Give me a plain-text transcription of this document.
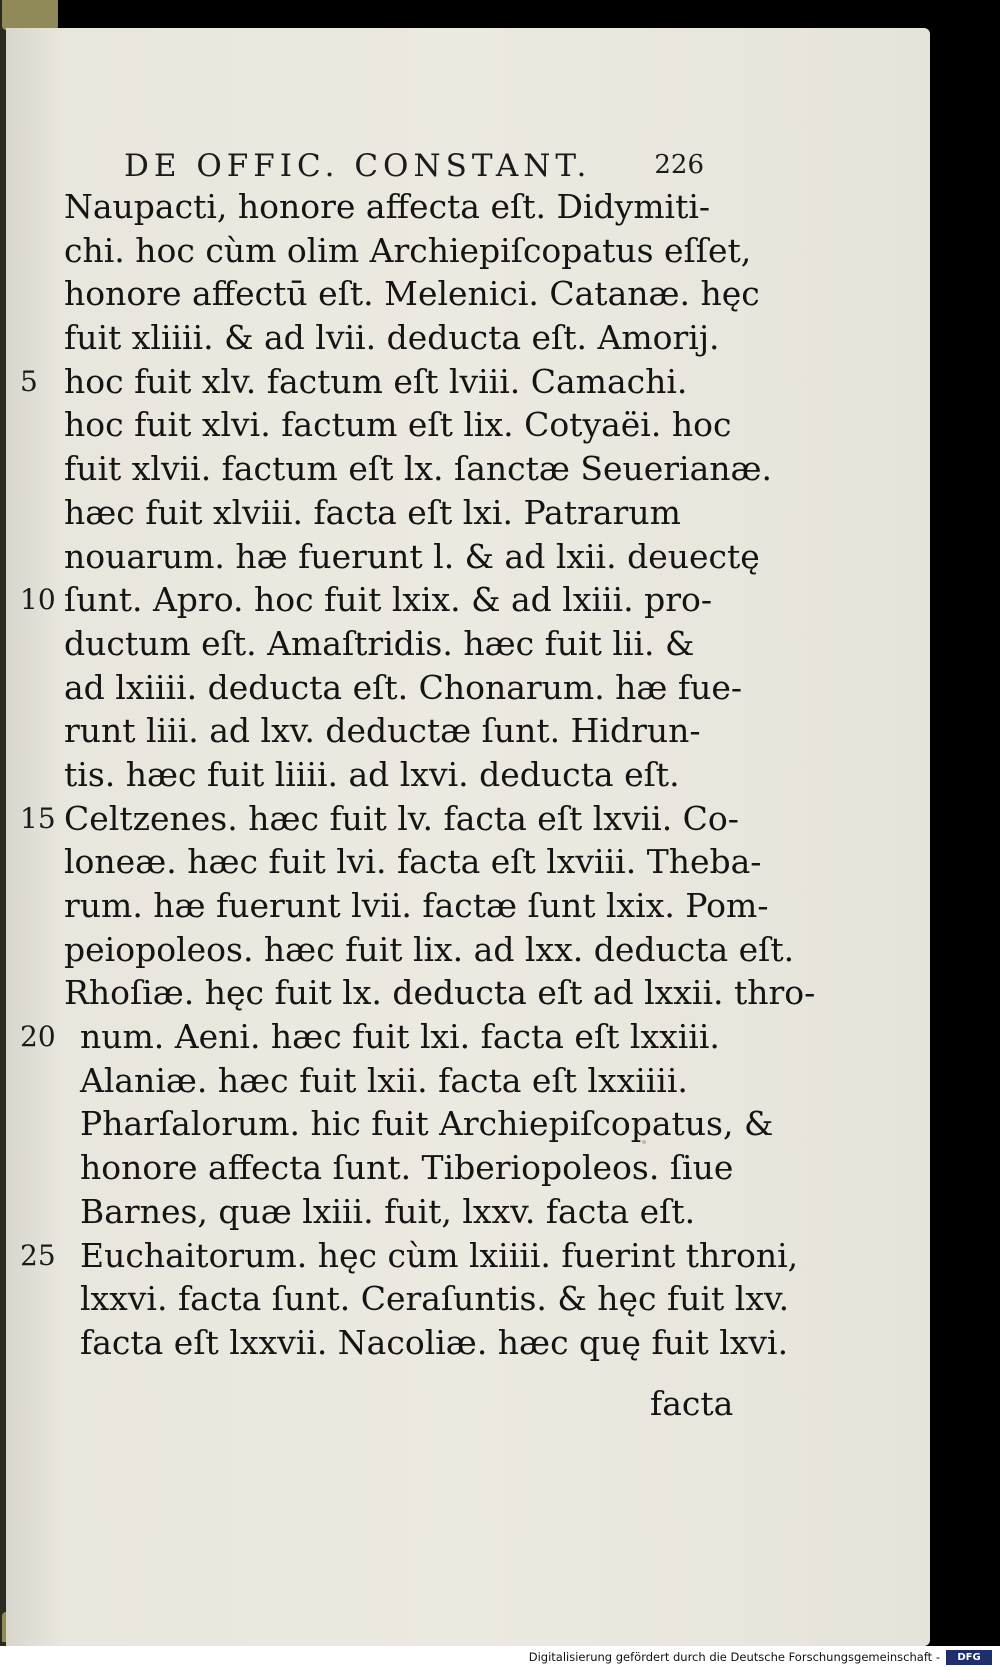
DE OFFIC. CONSTANT. 226
Naupacti, honore affecta eſt. Didymiti-
chi. hoc cùm olim Archiepiſcopatus eſſet,
honore affectū eſt. Melenici. Catanæ. hęc
fuit xliiii. & ad lvii. deducta eſt. Amorij.
5 hoc fuit xlv. factum eſt lviii. Camachi.
hoc fuit xlvi. factum eſt lix. Cotyaëi. hoc
fuit xlvii. factum eſt lx. ſanctæ Seuerianæ.
hæc fuit xlviii. facta eſt lxi. Patrarum
nouarum. hæ fuerunt l. & ad lxii. deuectę
10 ſunt. Apro. hoc fuit lxix. & ad lxiii. pro-
ductum eſt. Amaſtridis. hæc fuit lii. &
ad lxiiii. deducta eſt. Chonarum. hæ fue-
runt liii. ad lxv. deductæ ſunt. Hidrun-
tis. hæc fuit liiii. ad lxvi. deducta eſt.
15 Celtzenes. hæc fuit lv. facta eſt lxvii. Co-
loneæ. hæc fuit lvi. facta eſt lxviii. Theba-
rum. hæ fuerunt lvii. factæ ſunt lxix. Pom-
peiopoleos. hæc fuit lix. ad lxx. deducta eſt.
Rhoſiæ. hęc fuit lx. deducta eſt ad lxxii. thro-
20 num. Aeni. hæc fuit lxi. facta eſt lxxiii.
Alaniæ. hæc fuit lxii. facta eſt lxxiiii.
Pharſalorum. hic fuit Archiepiſcopatus, &
honore affecta ſunt. Tiberiopoleos. ſiue
Barnes, quæ lxiii. fuit, lxxv. facta eſt.
25 Euchaitorum. hęc cùm lxiiii. fuerint throni,
lxxvi. facta ſunt. Ceraſuntis. & hęc fuit lxv.
facta eſt lxxvii. Nacoliæ. hæc quę fuit lxvi.
facta
Digitalisierung gefördert durch die Deutsche Forschungsgemeinschaft -	DFG
